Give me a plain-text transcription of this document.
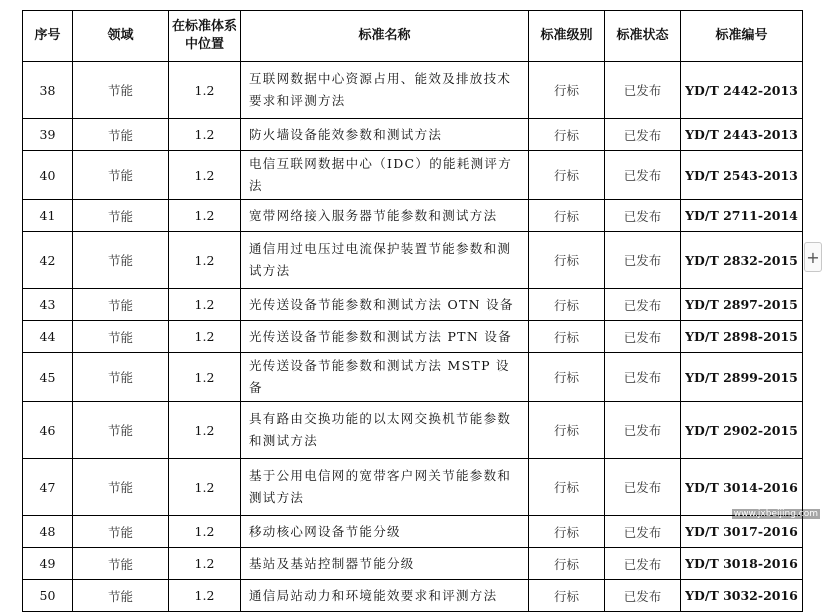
序号	领域	在标准体系中位置	标准名称	标准级别	标准状态	标准编号
38	节能	1.2	互联网数据中心资源占用、能效及排放技术要求和评测方法	行标	已发布	YD/T 2442-2013
39	节能	1.2	防火墙设备能效参数和测试方法	行标	已发布	YD/T 2443-2013
40	节能	1.2	电信互联网数据中心（IDC）的能耗测评方法	行标	已发布	YD/T 2543-2013
41	节能	1.2	宽带网络接入服务器节能参数和测试方法	行标	已发布	YD/T 2711-2014
42	节能	1.2	通信用过电压过电流保护装置节能参数和测试方法	行标	已发布	YD/T 2832-2015
43	节能	1.2	光传送设备节能参数和测试方法 OTN 设备	行标	已发布	YD/T 2897-2015
44	节能	1.2	光传送设备节能参数和测试方法 PTN 设备	行标	已发布	YD/T 2898-2015
45	节能	1.2	光传送设备节能参数和测试方法 MSTP 设备	行标	已发布	YD/T 2899-2015
46	节能	1.2	具有路由交换功能的以太网交换机节能参数和测试方法	行标	已发布	YD/T 2902-2015
47	节能	1.2	基于公用电信网的宽带客户网关节能参数和测试方法	行标	已发布	YD/T 3014-2016
48	节能	1.2	移动核心网设备节能分级	行标	已发布	YD/T 3017-2016
49	节能	1.2	基站及基站控制器节能分级	行标	已发布	YD/T 3018-2016
50	节能	1.2	通信局站动力和环境能效要求和评测方法	行标	已发布	YD/T 3032-2016
+
www.jxbeijing.com
